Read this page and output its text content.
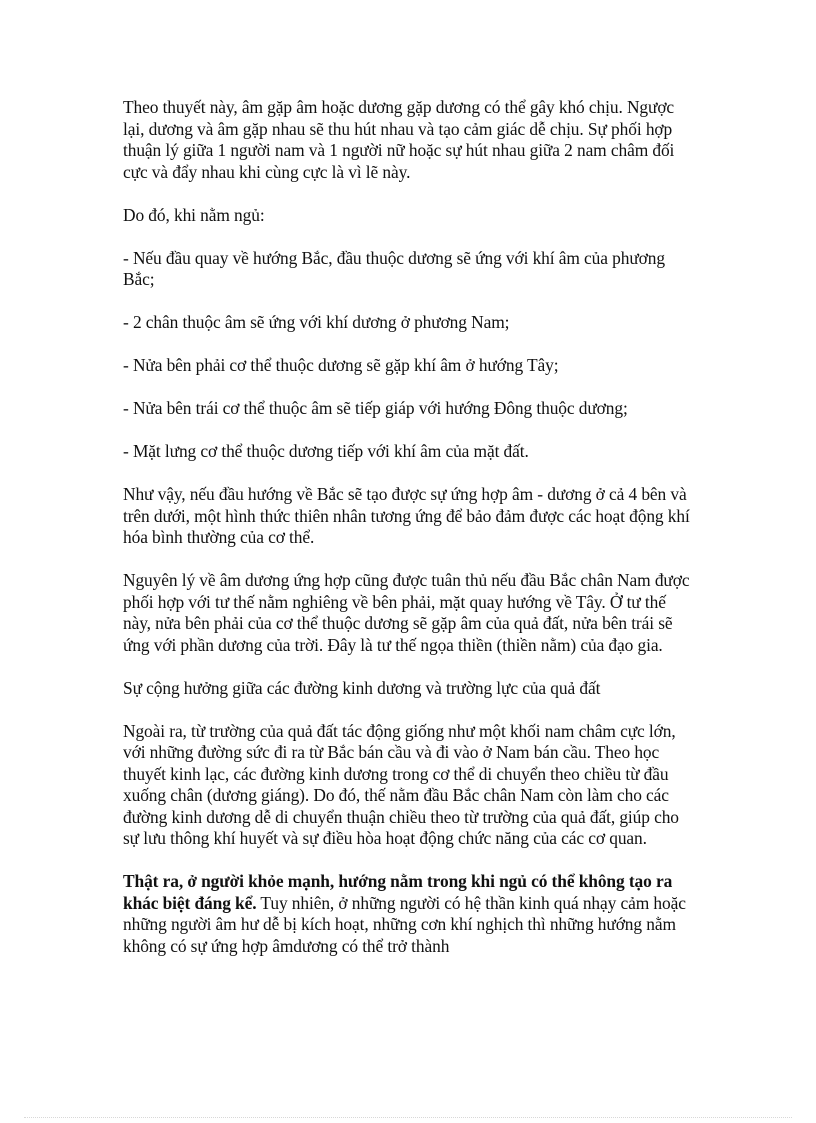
Theo thuyết này, âm gặp âm hoặc dương gặp dương có thể gây khó chịu. Ngược lại, dương và âm gặp nhau sẽ thu hút nhau và tạo cảm giác dễ chịu. Sự phối hợp thuận lý giữa 1 người nam và 1 người nữ hoặc sự hút nhau giữa 2 nam châm đối cực và đẩy nhau khi cùng cực là vì lẽ này.

Do đó, khi nằm ngủ:

- Nếu đầu quay về hướng Bắc, đầu thuộc dương sẽ ứng với khí âm của phương Bắc;

- 2 chân thuộc âm sẽ ứng với khí dương ở phương Nam;

- Nửa bên phải cơ thể thuộc dương sẽ gặp khí âm ở hướng Tây;

- Nửa bên trái cơ thể thuộc âm sẽ tiếp giáp với hướng Đông thuộc dương;

- Mặt lưng cơ thể thuộc dương tiếp với khí âm của mặt đất.

Như vậy, nếu đầu hướng về Bắc sẽ tạo được sự ứng hợp âm - dương ở cả 4 bên và trên dưới, một hình thức thiên nhân tương ứng để bảo đảm được các hoạt động khí hóa bình thường của cơ thể.

Nguyên lý về âm dương ứng hợp cũng được tuân thủ nếu đầu Bắc chân Nam được phối hợp với tư thế nằm nghiêng về bên phải, mặt quay hướng về Tây. Ở tư thế này, nửa bên phải của cơ thể thuộc dương sẽ gặp âm của quả đất, nửa bên trái sẽ ứng với phần dương của trời. Đây là tư thế ngọa thiền (thiền nằm) của đạo gia.

Sự cộng hưởng giữa các đường kinh dương và trường lực của quả đất

Ngoài ra, từ trường của quả đất tác động giống như một khối nam châm cực lớn, với những đường sức đi ra từ Bắc bán cầu và đi vào ở Nam bán cầu. Theo học thuyết kinh lạc, các đường kinh dương trong cơ thể di chuyển theo chiều từ đầu xuống chân (dương giáng). Do đó, thế nằm đầu Bắc chân Nam còn làm cho các đường kinh dương dễ di chuyển thuận chiều theo từ trường của quả đất, giúp cho sự lưu thông khí huyết và sự điều hòa hoạt động chức năng của các cơ quan.

Thật ra, ở người khỏe mạnh, hướng nằm trong khi ngủ có thể không tạo ra khác biệt đáng kể. Tuy nhiên, ở những người có hệ thần kinh quá nhạy cảm hoặc những người âm hư dễ bị kích hoạt, những cơn khí nghịch thì những hướng nằm không có sự ứng hợp âmdương có thể trở thành
